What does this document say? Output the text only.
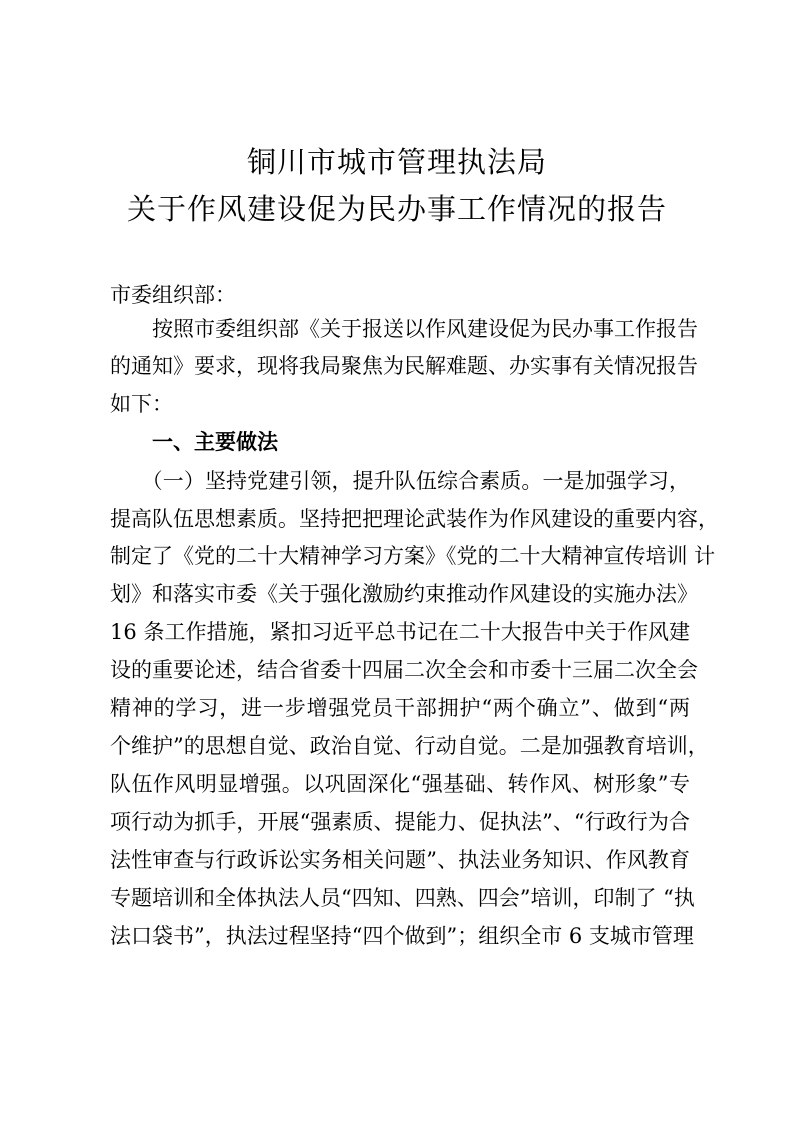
铜川市城市管理执法局
关于作风建设促为民办事工作情况的报告
市委组织部：
　　按照市委组织部《关于报送以作风建设促为民办事工作报告
的通知》要求，现将我局聚焦为民解难题、办实事有关情况报告
如下：
　　一、主要做法
　　（一）坚持党建引领，提升队伍综合素质。一是加强学习，
提高队伍思想素质。坚持把把理论武装作为作风建设的重要内容，
制定了《党的二十大精神学习方案》《党的二十大精神宣传培训 计
划》和落实市委《关于强化激励约束推动作风建设的实施办法》
16 条工作措施，紧扣习近平总书记在二十大报告中关于作风建
设的重要论述，结合省委十四届二次全会和市委十三届二次全会
精神的学习，进一步增强党员干部拥护“两个确立”、做到“两
个维护”的思想自觉、政治自觉、行动自觉。二是加强教育培训，
队伍作风明显增强。以巩固深化“强基础、转作风、树形象”专
项行动为抓手，开展“强素质、提能力、促执法”、“行政行为合
法性审查与行政诉讼实务相关问题”、执法业务知识、作风教育
专题培训和全体执法人员“四知、四熟、四会”培训，印制了 “执
法口袋书”，执法过程坚持“四个做到”；组织全市 6 支城市管理
